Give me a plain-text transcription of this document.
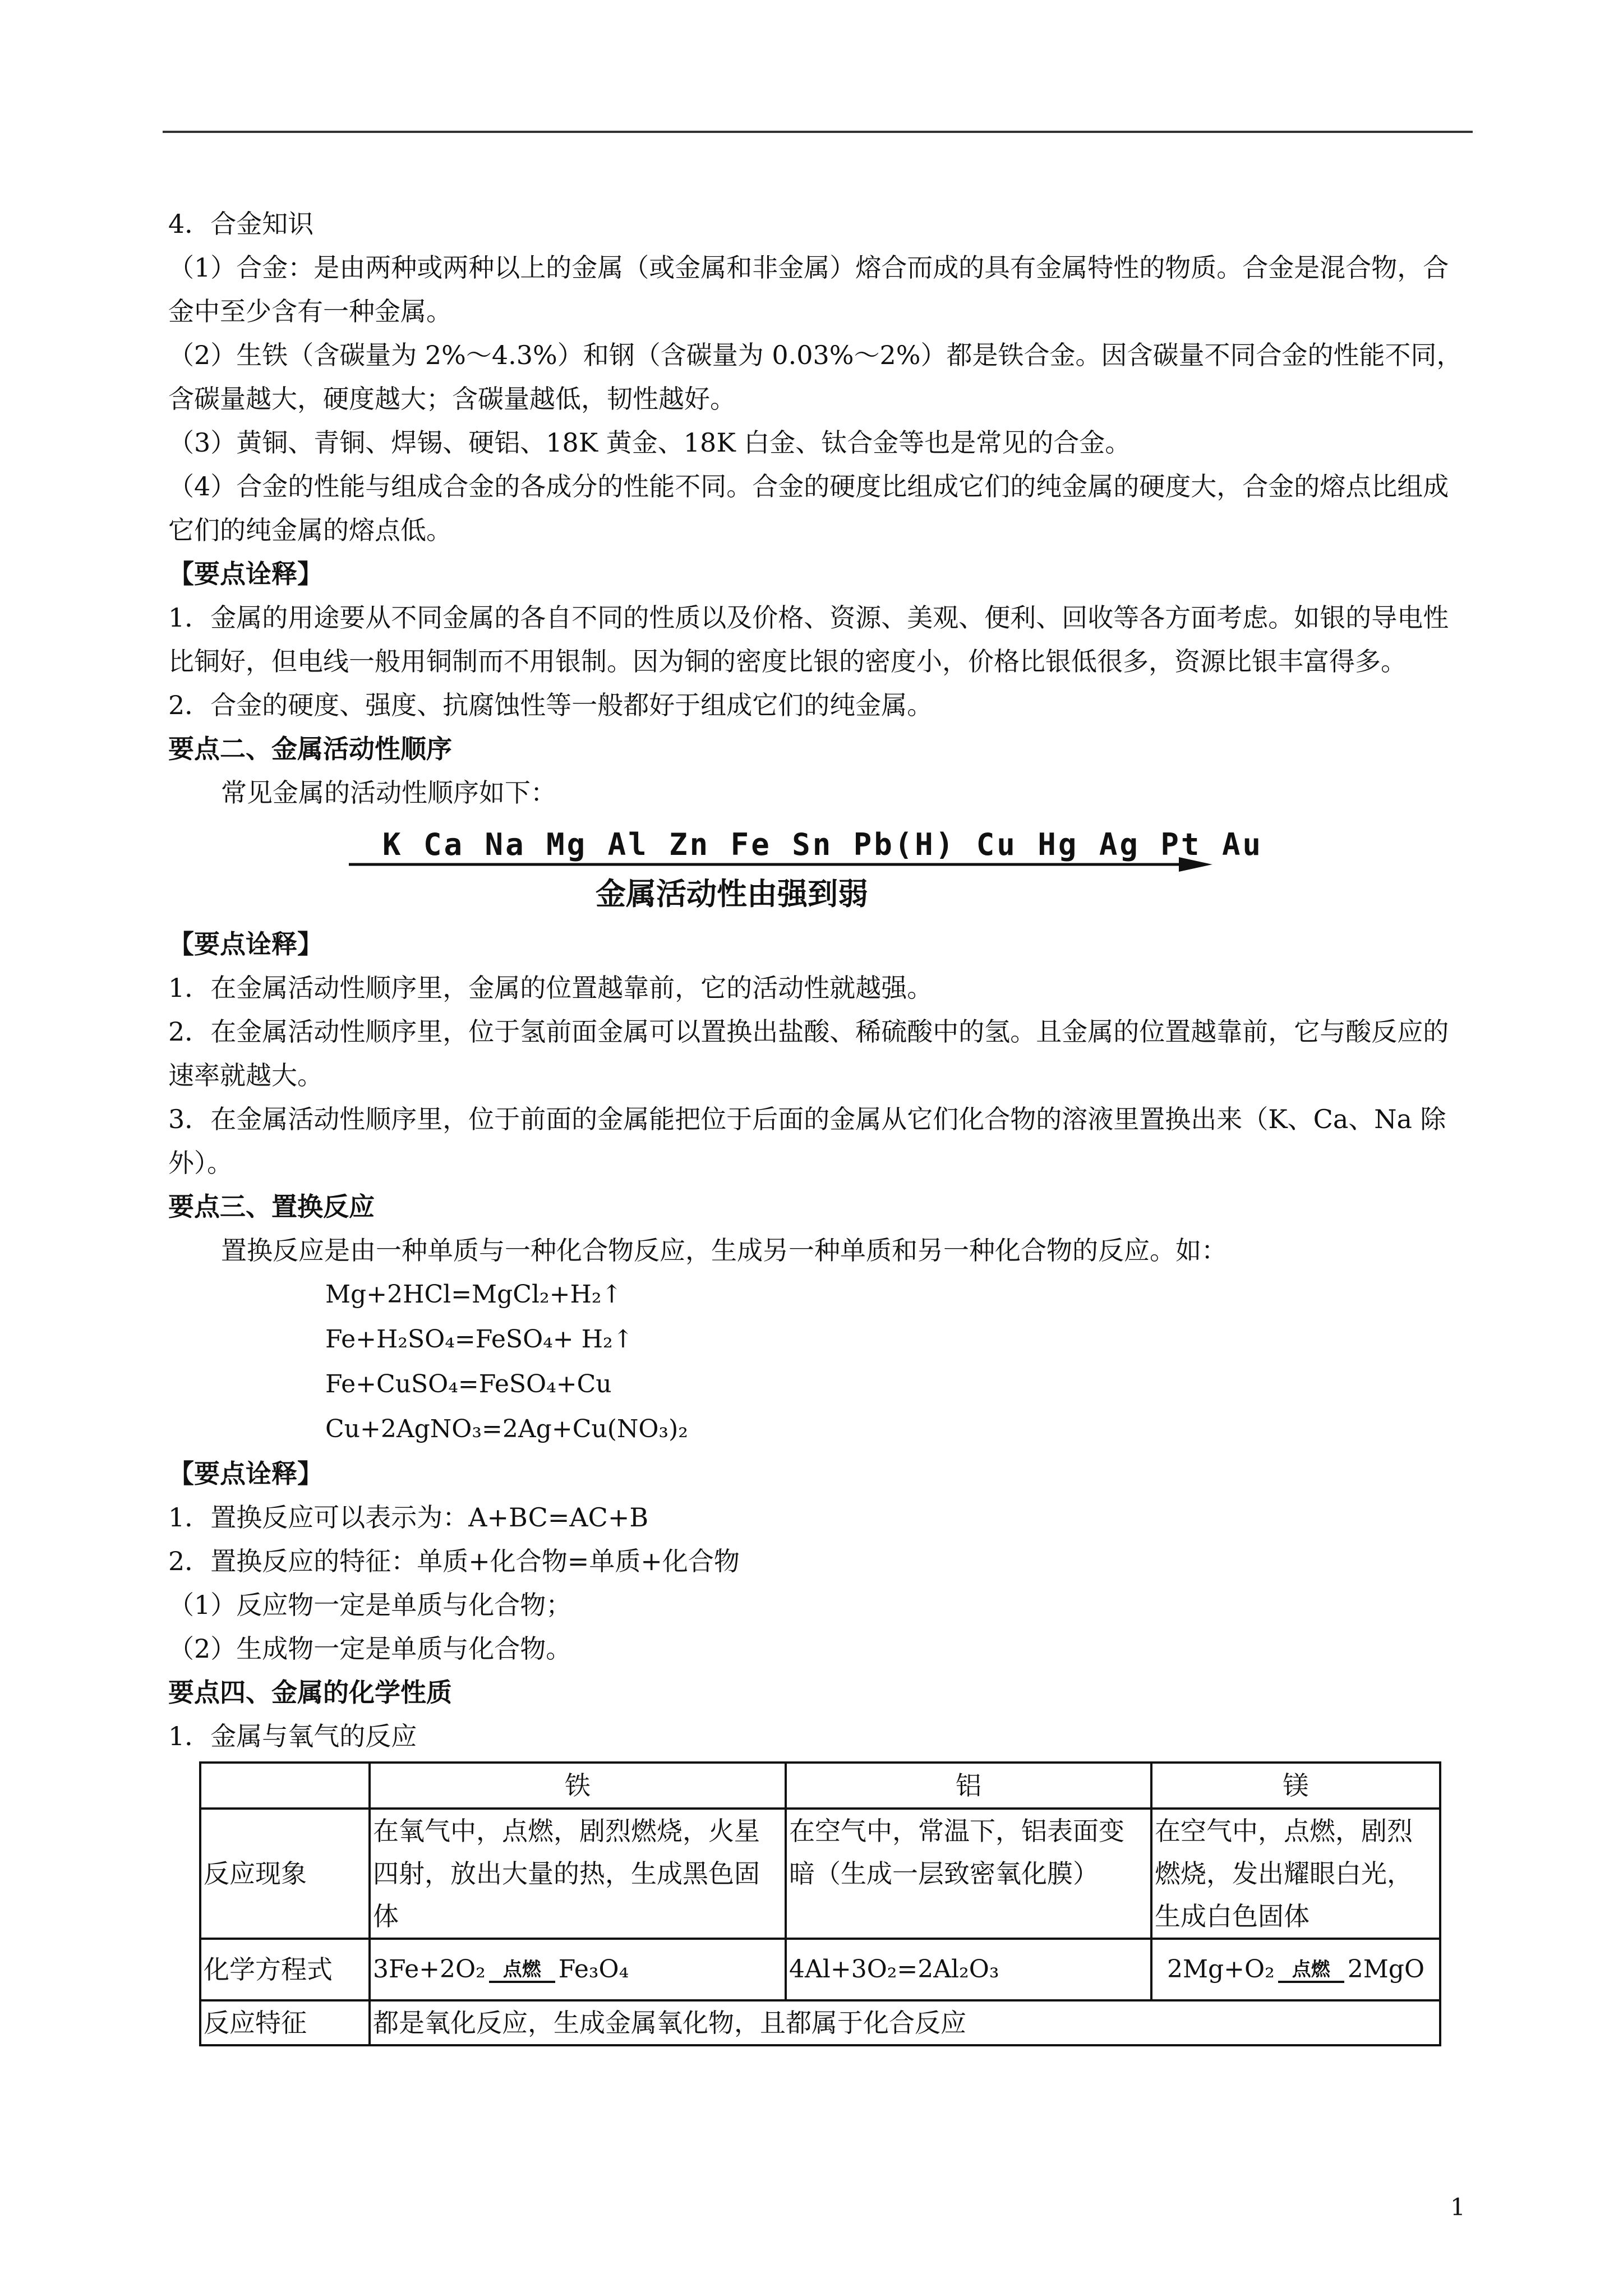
4．合金知识
（1）合金：是由两种或两种以上的金属（或金属和非金属）熔合而成的具有金属特性的物质。合金是混合物，合金中至少含有一种金属。
（2）生铁（含碳量为 2%～4.3%）和钢（含碳量为 0.03%～2%）都是铁合金。因含碳量不同合金的性能不同，含碳量越大，硬度越大；含碳量越低，韧性越好。
（3）黄铜、青铜、焊锡、硬铝、18K 黄金、18K 白金、钛合金等也是常见的合金。
（4）合金的性能与组成合金的各成分的性能不同。合金的硬度比组成它们的纯金属的硬度大，合金的熔点比组成它们的纯金属的熔点低。
【要点诠释】
1．金属的用途要从不同金属的各自不同的性质以及价格、资源、美观、便利、回收等各方面考虑。如银的导电性比铜好，但电线一般用铜制而不用银制。因为铜的密度比银的密度小，价格比银低很多，资源比银丰富得多。
2．合金的硬度、强度、抗腐蚀性等一般都好于组成它们的纯金属。
要点二、金属活动性顺序
常见金属的活动性顺序如下：
K Ca Na Mg Al Zn Fe Sn Pb(H) Cu Hg Ag Pt Au
金属活动性由强到弱
【要点诠释】
1．在金属活动性顺序里，金属的位置越靠前，它的活动性就越强。
2．在金属活动性顺序里，位于氢前面金属可以置换出盐酸、稀硫酸中的氢。且金属的位置越靠前，它与酸反应的速率就越大。
3．在金属活动性顺序里，位于前面的金属能把位于后面的金属从它们化合物的溶液里置换出来（K、Ca、Na 除外）。
要点三、置换反应
置换反应是由一种单质与一种化合物反应，生成另一种单质和另一种化合物的反应。如：
Mg+2HCl=MgCl₂+H₂↑
Fe+H₂SO₄=FeSO₄+ H₂↑
Fe+CuSO₄=FeSO₄+Cu
Cu+2AgNO₃=2Ag+Cu(NO₃)₂
【要点诠释】
1．置换反应可以表示为：A+BC=AC+B
2．置换反应的特征：单质+化合物=单质+化合物
（1）反应物一定是单质与化合物；
（2）生成物一定是单质与化合物。
要点四、金属的化学性质
1．金属与氧气的反应
	铁	铝	镁
反应现象	在氧气中，点燃，剧烈燃烧，火星四射，放出大量的热，生成黑色固体	在空气中，常温下，铝表面变暗（生成一层致密氧化膜）	在空气中，点燃，剧烈燃烧，发出耀眼白光，生成白色固体
化学方程式	3Fe+2O₂ 点燃 Fe₃O₄	4Al+3O₂=2Al₂O₃	2Mg+O₂ 点燃 2MgO
反应特征	都是氧化反应，生成金属氧化物，且都属于化合反应		
1
